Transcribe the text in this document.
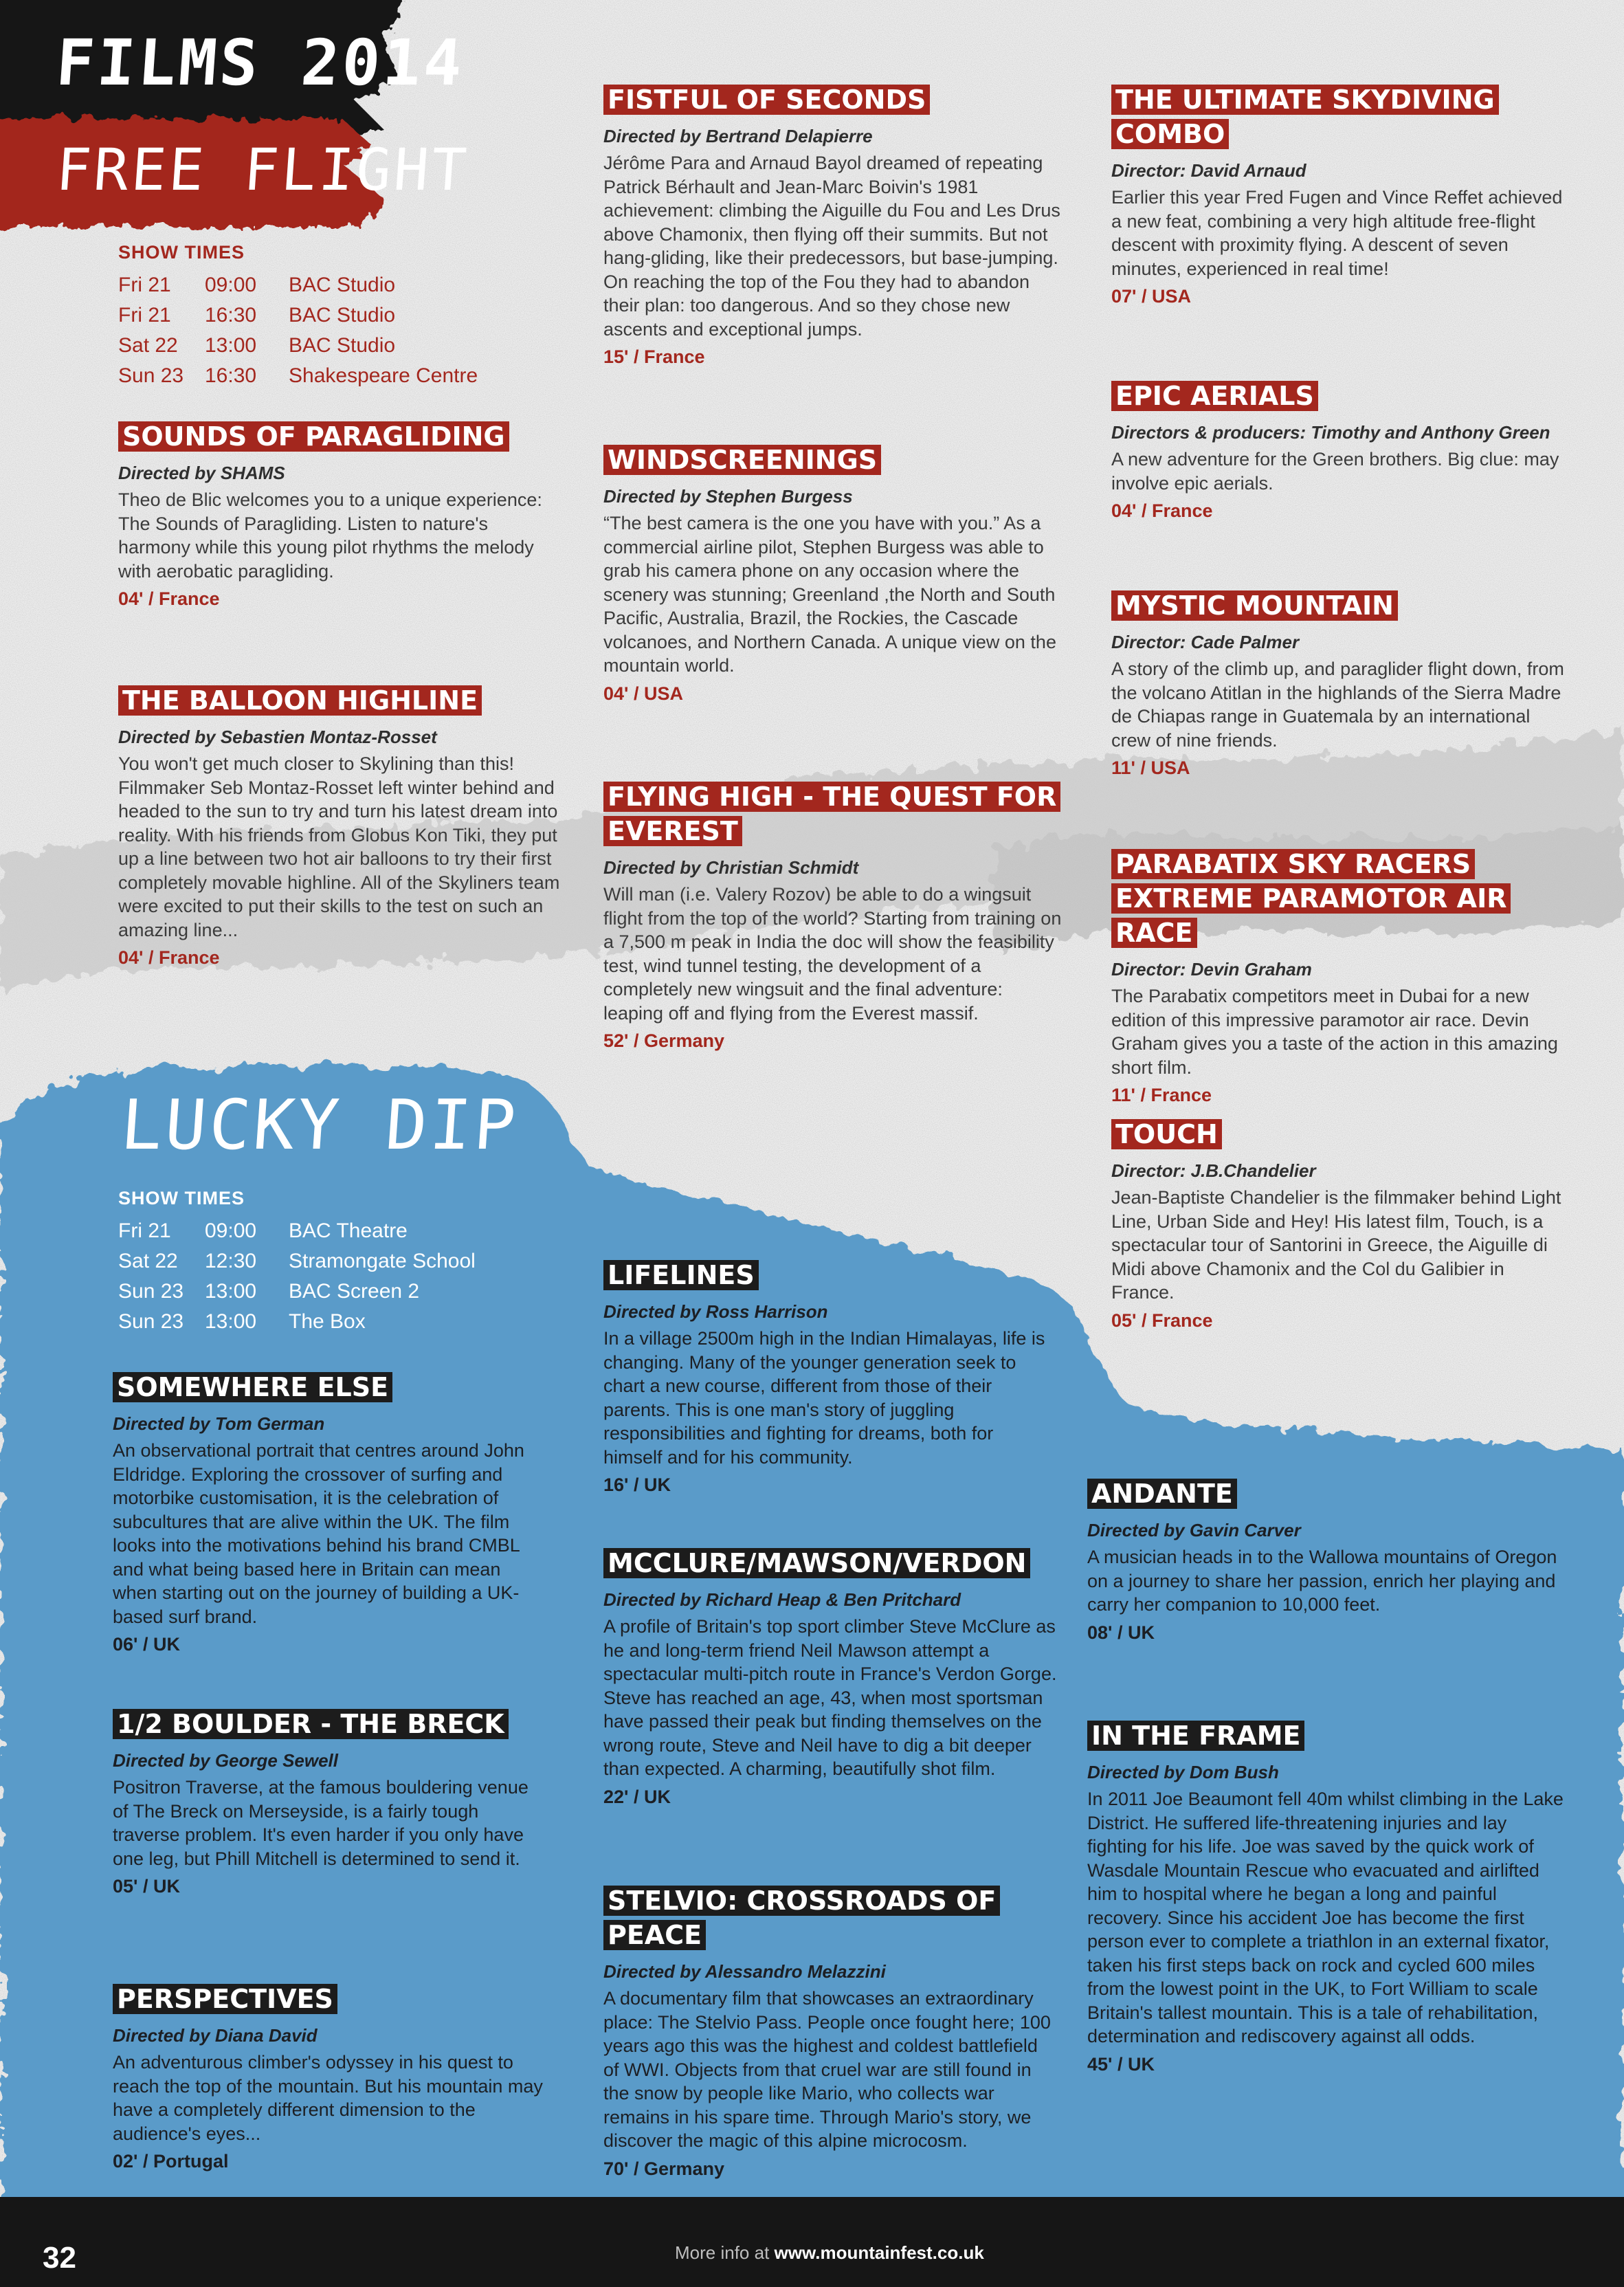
FILMS 2014
FREE FLIGHT
LUCKY DIP
SHOW TIMES
Fri 21	09:00	BAC Studio
Fri 21	16:30	BAC Studio
Sat 22	13:00	BAC Studio
Sun 23	16:30	Shakespeare Centre
SOUNDS OF PARAGLIDING
Directed by SHAMS
Theo de Blic welcomes you to a unique experience: The Sounds of Paragliding. Listen to nature's harmony while this young pilot rhythms the melody with aerobatic paragliding.
04' / France
THE BALLOON HIGHLINE
Directed by Sebastien Montaz-Rosset
You won't get much closer to Skylining than this! Filmmaker Seb Montaz-Rosset left winter behind and headed to the sun to try and turn his latest dream into reality. With his friends from Globus Kon Tiki, they put up a line between two hot air balloons to try their first completely movable highline. All of the Skyliners team were excited to put their skills to the test on such an amazing line...
04' / France
FISTFUL OF SECONDS
Directed by Bertrand Delapierre
Jérôme Para and Arnaud Bayol dreamed of repeating Patrick Bérhault and Jean-Marc Boivin's 1981 achievement: climbing the Aiguille du Fou and Les Drus above Chamonix, then flying off their summits. But not hang-gliding, like their predecessors, but base-jumping. On reaching the top of the Fou they had to abandon their plan: too dangerous. And so they chose new ascents and exceptional jumps.
15' / France
WINDSCREENINGS
Directed by Stephen Burgess
“The best camera is the one you have with you.” As a commercial airline pilot, Stephen Burgess was able to grab his camera phone on any occasion where the scenery was stunning; Greenland ,the North and South Pacific, Australia, Brazil, the Rockies, the Cascade volcanoes, and Northern Canada. A unique view on the mountain world.
04' / USA
FLYING HIGH - THE QUEST FOR EVEREST
Directed by Christian Schmidt
Will man (i.e. Valery Rozov) be able to do a wingsuit flight from the top of the world? Starting from training on a 7,500 m peak in India the doc will show the feasibility test, wind tunnel testing, the development of a completely new wingsuit and the final adventure: leaping off and flying from the Everest massif.
52' / Germany
THE ULTIMATE SKYDIVING COMBO
Director: David Arnaud
Earlier this year Fred Fugen and Vince Reffet achieved a new feat, combining a very high altitude free-flight descent with proximity flying. A descent of seven minutes, experienced in real time!
07' / USA
EPIC AERIALS
Directors & producers: Timothy and Anthony Green
A new adventure for the Green brothers. Big clue: may involve epic aerials.
04' / France
MYSTIC MOUNTAIN
Director: Cade Palmer
A story of the climb up, and paraglider flight down, from the volcano Atitlan in the highlands of the Sierra Madre de Chiapas range in Guatemala by an international crew of nine friends.
11' / USA
PARABATIX SKY RACERS EXTREME PARAMOTOR AIR RACE
Director: Devin Graham
The Parabatix competitors meet in Dubai for a new edition of this impressive paramotor air race. Devin Graham gives you a taste of the action in this amazing short film.
11' / France
TOUCH
Director: J.B.Chandelier
Jean-Baptiste Chandelier is the filmmaker behind Light Line, Urban Side and Hey! His latest film, Touch, is a spectacular tour of Santorini in Greece, the Aiguille di Midi above Chamonix and the Col du Galibier in France.
05' / France
SHOW TIMES
Fri 21	09:00	BAC Theatre
Sat 22	12:30	Stramongate School
Sun 23	13:00	BAC Screen 2
Sun 23	13:00	The Box
SOMEWHERE ELSE
Directed by Tom German
An observational portrait that centres around John Eldridge. Exploring the crossover of surfing and motorbike customisation, it is the celebration of subcultures that are alive within the UK. The film looks into the motivations behind his brand CMBL and what being based here in Britain can mean when starting out on the journey of building a UK-based surf brand.
06' / UK
1/2 BOULDER - THE BRECK
Directed by George Sewell
Positron Traverse, at the famous bouldering venue of The Breck on Merseyside, is a fairly tough traverse problem. It's even harder if you only have one leg, but Phill Mitchell is determined to send it.
05' / UK
PERSPECTIVES
Directed by Diana David
An adventurous climber's odyssey in his quest to reach the top of the mountain. But his mountain may have a completely different dimension to the audience's eyes...
02' / Portugal
LIFELINES
Directed by Ross Harrison
In a village 2500m high in the Indian Himalayas, life is changing. Many of the younger generation seek to chart a new course, different from those of their parents. This is one man's story of juggling responsibilities and fighting for dreams, both for himself and for his community.
16' / UK
MCCLURE/MAWSON/VERDON
Directed by Richard Heap & Ben Pritchard
A profile of Britain's top sport climber Steve McClure as he and long-term friend Neil Mawson attempt a spectacular multi-pitch route in France's Verdon Gorge. Steve has reached an age, 43, when most sportsman have passed their peak but finding themselves on the wrong route, Steve and Neil have to dig a bit deeper than expected. A charming, beautifully shot film.
22' / UK
STELVIO: CROSSROADS OF PEACE
Directed by Alessandro Melazzini
A documentary film that showcases an extraordinary place: The Stelvio Pass. People once fought here; 100 years ago this was the highest and coldest battlefield of WWI. Objects from that cruel war are still found in the snow by people like Mario, who collects war remains in his spare time. Through Mario's story, we discover the magic of this alpine microcosm.
70' / Germany
ANDANTE
Directed by Gavin Carver
A musician heads in to the Wallowa mountains of Oregon on a journey to share her passion, enrich her playing and carry her companion to 10,000 feet.
08' / UK
IN THE FRAME
Directed by Dom Bush
In 2011 Joe Beaumont fell 40m whilst climbing in the Lake District. He suffered life-threatening injuries and lay fighting for his life. Joe was saved by the quick work of Wasdale Mountain Rescue who evacuated and airlifted him to hospital where he began a long and painful recovery. Since his accident Joe has become the first person ever to complete a triathlon in an external fixator, taken his first steps back on rock and cycled 600 miles from the lowest point in the UK, to Fort William to scale Britain's tallest mountain. This is a tale of rehabilitation, determination and rediscovery against all odds.
45' / UK
32	More info at www.mountainfest.co.uk
